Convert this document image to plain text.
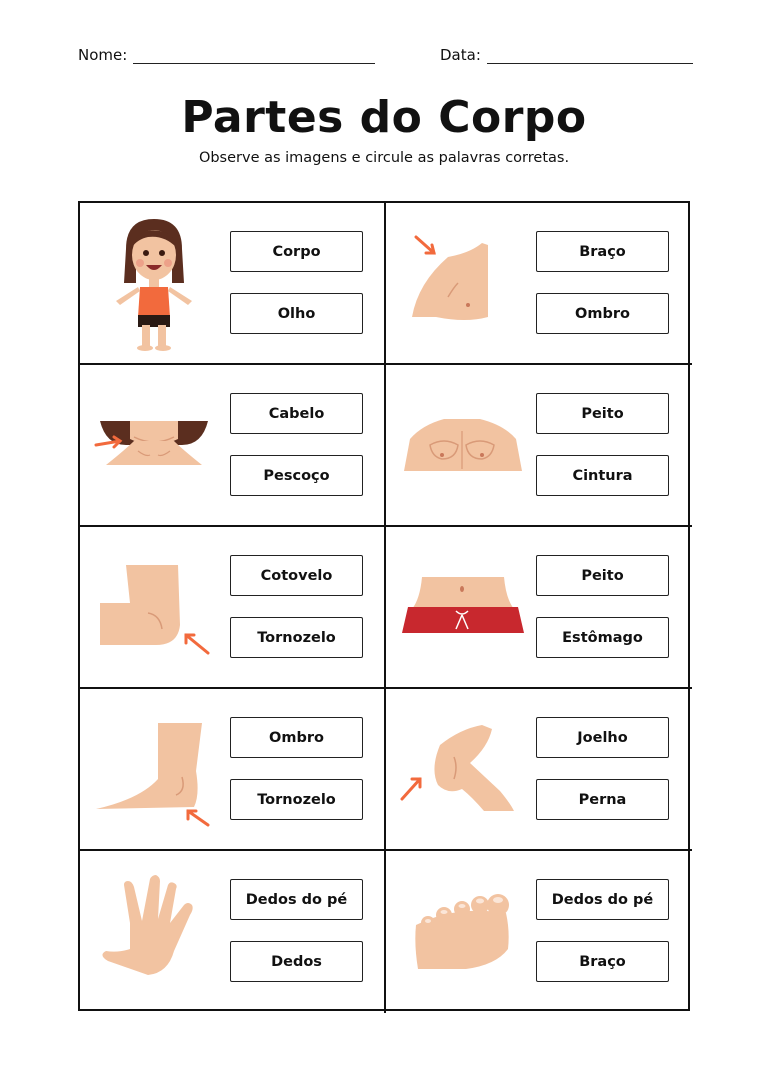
Nome:	Data:
Partes do Corpo
Observe as imagens e circule as palavras corretas.
Corpo
Olho
Braço
Ombro
Cabelo
Pescoço
Peito
Cintura
Cotovelo
Tornozelo
Peito
Estômago
Ombro
Tornozelo
Joelho
Perna
Dedos do pé
Dedos
Dedos do pé
Braço
